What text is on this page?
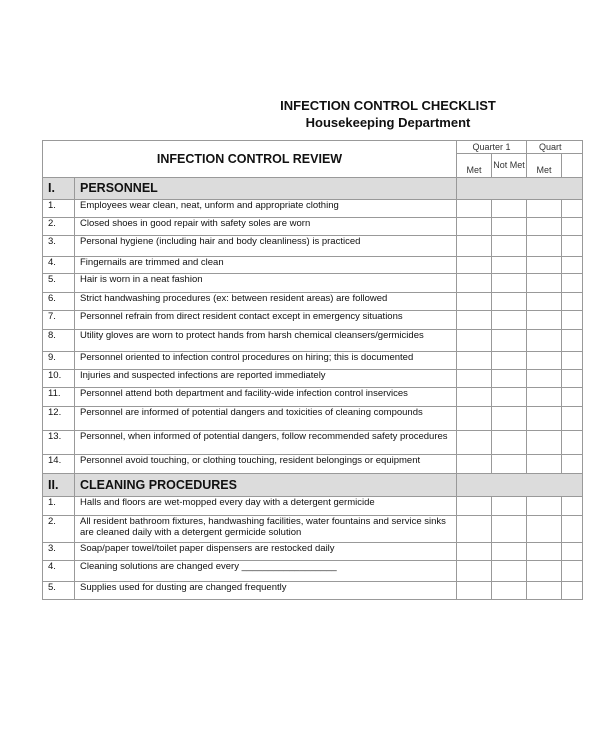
INFECTION CONTROL CHECKLIST
Housekeeping Department
INFECTION CONTROL REVIEW		Quarter 1		Quart	
		Met	Not Met	Met	
I.	PERSONNEL				
1.	Employees wear clean, neat, unform and appropriate clothing				
2.	Closed shoes in good repair with safety soles are worn				
3.	Personal hygiene (including hair and body cleanliness) is practiced				
4.	Fingernails are trimmed and clean				
5.	Hair is worn in a neat fashion				
6.	Strict handwashing procedures (ex: between resident areas) are followed				
7.	Personnel refrain from direct resident contact except in emergency situations				
8.	Utility gloves are worn to protect hands from harsh chemical cleansers/germicides				
9.	Personnel oriented to infection control procedures on hiring; this is documented				
10.	Injuries and suspected infections are reported immediately				
11.	Personnel attend both department and facility-wide infection control inservices				
12.	Personnel are informed of potential dangers and toxicities of cleaning compounds				
13.	Personnel, when informed of potential dangers, follow recommended safety procedures				
14.	Personnel avoid touching, or clothing touching, resident belongings or equipment				
II.	CLEANING PROCEDURES				
1.	Halls and floors are wet-mopped every day with a detergent germicide				
2.	All resident bathroom fixtures, handwashing facilities, water fountains and service sinks are cleaned daily with a detergent germicide solution				
3.	Soap/paper towel/toilet paper dispensers are restocked daily				
4.	Cleaning solutions are changed every __________________				
5.	Supplies used for dusting are changed frequently				
